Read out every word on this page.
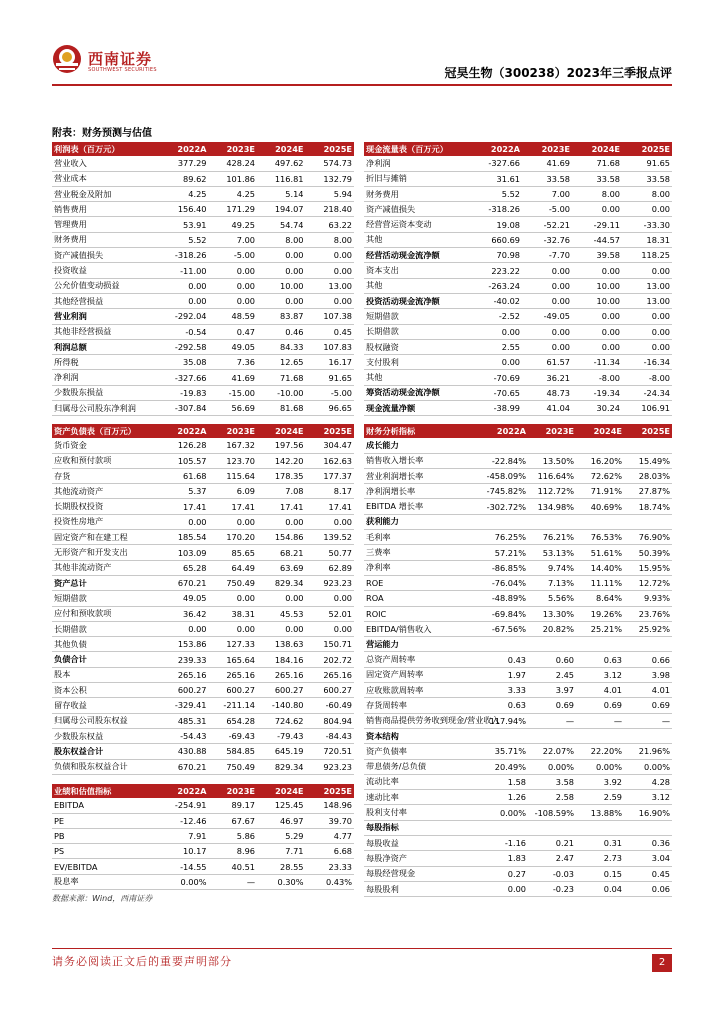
西南证券
SOUTHWEST SECURITIES	冠昊生物（300238）2023年三季报点评
附表：财务预测与估值
利润表（百万元）	2022A	2023E	2024E	2025E
营业收入	377.29	428.24	497.62	574.73
营业成本	89.62	101.86	116.81	132.79
营业税金及附加	4.25	4.25	5.14	5.94
销售费用	156.40	171.29	194.07	218.40
管理费用	53.91	49.25	54.74	63.22
财务费用	5.52	7.00	8.00	8.00
资产减值损失	-318.26	-5.00	0.00	0.00
投资收益	-11.00	0.00	0.00	0.00
公允价值变动损益	0.00	0.00	10.00	13.00
其他经营损益	0.00	0.00	0.00	0.00
营业利润	-292.04	48.59	83.87	107.38
其他非经营损益	-0.54	0.47	0.46	0.45
利润总额	-292.58	49.05	84.33	107.83
所得税	35.08	7.36	12.65	16.17
净利润	-327.66	41.69	71.68	91.65
少数股东损益	-19.83	-15.00	-10.00	-5.00
归属母公司股东净利润	-307.84	56.69	81.68	96.65
现金流量表（百万元）	2022A	2023E	2024E	2025E
净利润	-327.66	41.69	71.68	91.65
折旧与摊销	31.61	33.58	33.58	33.58
财务费用	5.52	7.00	8.00	8.00
资产减值损失	-318.26	-5.00	0.00	0.00
经营营运资本变动	19.08	-52.21	-29.11	-33.30
其他	660.69	-32.76	-44.57	18.31
经营活动现金流净额	70.98	-7.70	39.58	118.25
资本支出	223.22	0.00	0.00	0.00
其他	-263.24	0.00	10.00	13.00
投资活动现金流净额	-40.02	0.00	10.00	13.00
短期借款	-2.52	-49.05	0.00	0.00
长期借款	0.00	0.00	0.00	0.00
股权融资	2.55	0.00	0.00	0.00
支付股利	0.00	61.57	-11.34	-16.34
其他	-70.69	36.21	-8.00	-8.00
筹资活动现金流净额	-70.65	48.73	-19.34	-24.34
现金流量净额	-38.99	41.04	30.24	106.91
资产负债表（百万元）	2022A	2023E	2024E	2025E
货币资金	126.28	167.32	197.56	304.47
应收和预付款项	105.57	123.70	142.20	162.63
存货	61.68	115.64	178.35	177.37
其他流动资产	5.37	6.09	7.08	8.17
长期股权投资	17.41	17.41	17.41	17.41
投资性房地产	0.00	0.00	0.00	0.00
固定资产和在建工程	185.54	170.20	154.86	139.52
无形资产和开发支出	103.09	85.65	68.21	50.77
其他非流动资产	65.28	64.49	63.69	62.89
资产总计	670.21	750.49	829.34	923.23
短期借款	49.05	0.00	0.00	0.00
应付和预收款项	36.42	38.31	45.53	52.01
长期借款	0.00	0.00	0.00	0.00
其他负债	153.86	127.33	138.63	150.71
负债合计	239.33	165.64	184.16	202.72
股本	265.16	265.16	265.16	265.16
资本公积	600.27	600.27	600.27	600.27
留存收益	-329.41	-211.14	-140.80	-60.49
归属母公司股东权益	485.31	654.28	724.62	804.94
少数股东权益	-54.43	-69.43	-79.43	-84.43
股东权益合计	430.88	584.85	645.19	720.51
负债和股东权益合计	670.21	750.49	829.34	923.23
财务分析指标	2022A	2023E	2024E	2025E
成长能力				
销售收入增长率	-22.84%	13.50%	16.20%	15.49%
营业利润增长率	-458.09%	116.64%	72.62%	28.03%
净利润增长率	-745.82%	112.72%	71.91%	27.87%
EBITDA 增长率	-302.72%	134.98%	40.69%	18.74%
获利能力				
毛利率	76.25%	76.21%	76.53%	76.90%
三费率	57.21%	53.13%	51.61%	50.39%
净利率	-86.85%	9.74%	14.40%	15.95%
ROE	-76.04%	7.13%	11.11%	12.72%
ROA	-48.89%	5.56%	8.64%	9.93%
ROIC	-69.84%	13.30%	19.26%	23.76%
EBITDA/销售收入	-67.56%	20.82%	25.21%	25.92%
营运能力				
总资产周转率	0.43	0.60	0.63	0.66
固定资产周转率	1.97	2.45	3.12	3.98
应收账款周转率	3.33	3.97	4.01	4.01
存货周转率	0.63	0.69	0.69	0.69
销售商品提供劳务收到现金/营业收入	117.94%	—	—	—
资本结构				
资产负债率	35.71%	22.07%	22.20%	21.96%
带息债务/总负债	20.49%	0.00%	0.00%	0.00%
流动比率	1.58	3.58	3.92	4.28
速动比率	1.26	2.58	2.59	3.12
股利支付率	0.00%	-108.59%	13.88%	16.90%
每股指标				
每股收益	-1.16	0.21	0.31	0.36
每股净资产	1.83	2.47	2.73	3.04
每股经营现金	0.27	-0.03	0.15	0.45
每股股利	0.00	-0.23	0.04	0.06
业绩和估值指标	2022A	2023E	2024E	2025E
EBITDA	-254.91	89.17	125.45	148.96
PE	-12.46	67.67	46.97	39.70
PB	7.91	5.86	5.29	4.77
PS	10.17	8.96	7.71	6.68
EV/EBITDA	-14.55	40.51	28.55	23.33
股息率	0.00%	—	0.30%	0.43%
数据来源：Wind，西南证券
请务必阅读正文后的重要声明部分	2
